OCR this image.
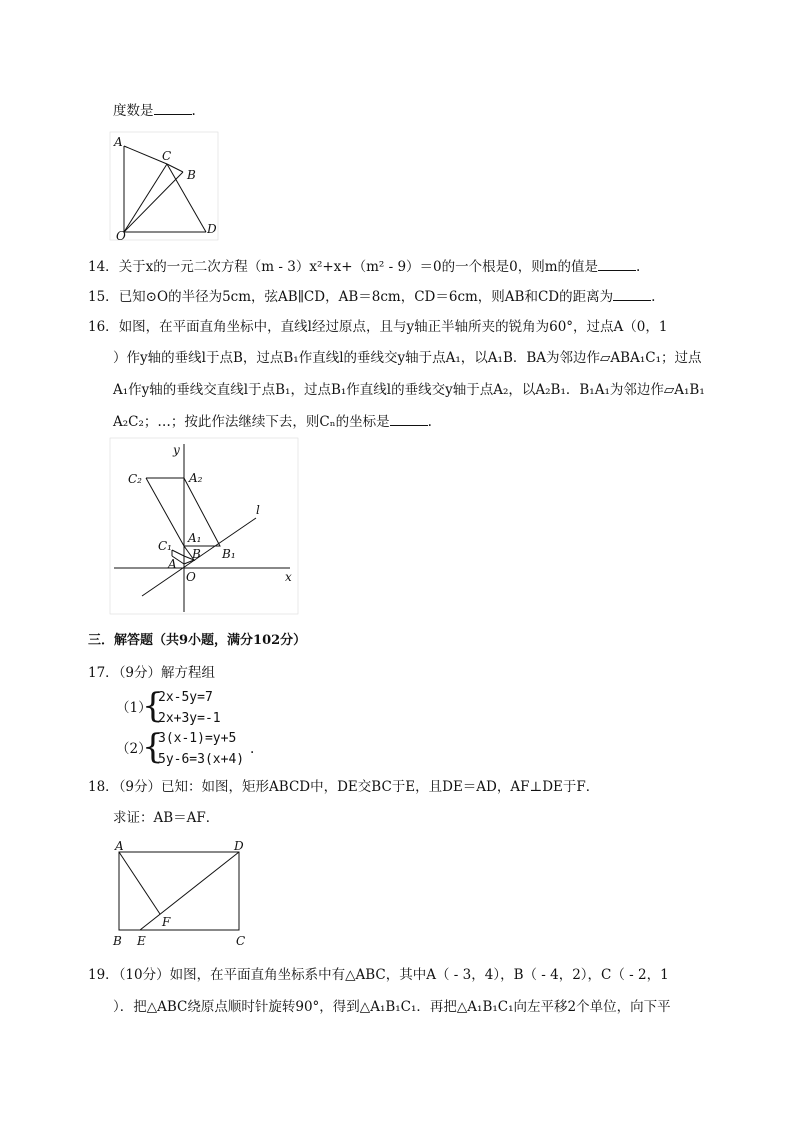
度数是	.
A
C
B
O	D
14．关于x的一元二次方程（m - 3）x²+x+（m² - 9）＝0的一个根是0，则m的值是	.
15．已知⊙O的半径为5cm，弦AB∥CD，AB＝8cm，CD＝6cm，则AB和CD的距离为	.
16．如图，在平面直角坐标中，直线l经过原点，且与y轴正半轴所夹的锐角为60°，过点A（0，1
）作y轴的垂线l于点B，过点B₁作直线l的垂线交y轴于点A₁，以A₁B．BA为邻边作▱ABA₁C₁；过点
A₁作y轴的垂线交直线l于点B₁，过点B₁作直线l的垂线交y轴于点A₂，以A₂B₁．B₁A₁为邻边作▱A₁B₁
A₂C₂；…；按此作法继续下去，则Cₙ的坐标是	.
y
C₂	A₂
l
A₁
C₁
B B₁
A
O	x
三．解答题（共9小题，满分102分）
17．（9分）解方程组
（1）
{
2x-5y=7
2x+3y=-1
（2）
{
3(x-1)=y+5
5y-6=3(x+4)
.
18．（9分）已知：如图，矩形ABCD中，DE交BC于E，且DE＝AD，AF⊥DE于F．
求证：AB＝AF．
A	D
F
B E	C
19．（10分）如图，在平面直角坐标系中有△ABC，其中A（ - 3，4），B（ - 4，2），C（ - 2，1
）．把△ABC绕原点顺时针旋转90°，得到△A₁B₁C₁．再把△A₁B₁C₁向左平移2个单位，向下平
